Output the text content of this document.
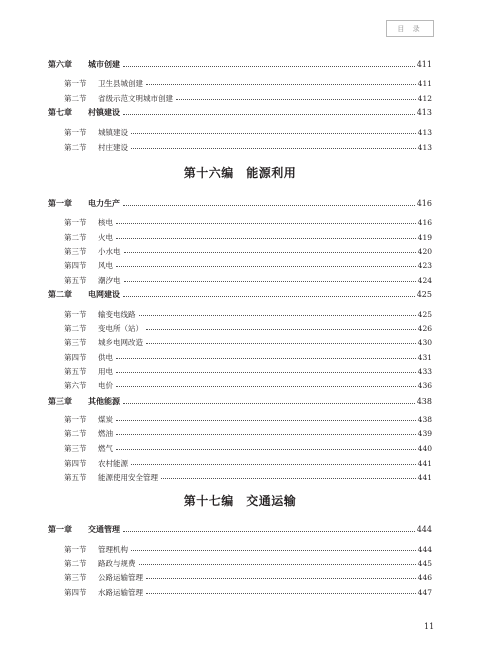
目 录
第六章	城市创建	411
第一节	卫生县城创建	411
第二节	省级示范文明城市创建	412
第七章	村镇建设	413
第一节	城镇建设	413
第二节	村庄建设	413
第十六编　能源利用
第一章	电力生产	416
第一节	核电	416
第二节	火电	419
第三节	小水电	420
第四节	风电	423
第五节	潮汐电	424
第二章	电网建设	425
第一节	输变电线路	425
第二节	变电所（站）	426
第三节	城乡电网改造	430
第四节	供电	431
第五节	用电	433
第六节	电价	436
第三章	其他能源	438
第一节	煤炭	438
第二节	燃油	439
第三节	燃气	440
第四节	农村能源	441
第五节	能源使用安全管理	441
第十七编　交通运输
第一章	交通管理	444
第一节	管理机构	444
第二节	路政与规费	445
第三节	公路运输管理	446
第四节	水路运输管理	447
11
